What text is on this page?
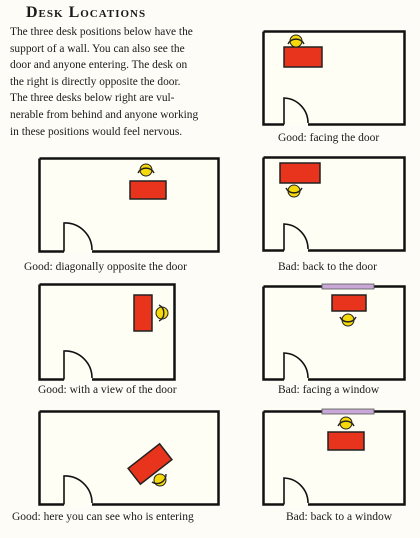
Desk Locations
The three desk positions below have the
support of a wall. You can also see the
door and anyone entering. The desk on
the right is directly opposite the door.
The three desks below right are vul-
nerable from behind and anyone working
in these positions would feel nervous.
Good: facing the door
Good: diagonally opposite the door	Bad: back to the door
Good: with a view of the door	Bad: facing a window
Good: here you can see who is entering	Bad: back to a window
